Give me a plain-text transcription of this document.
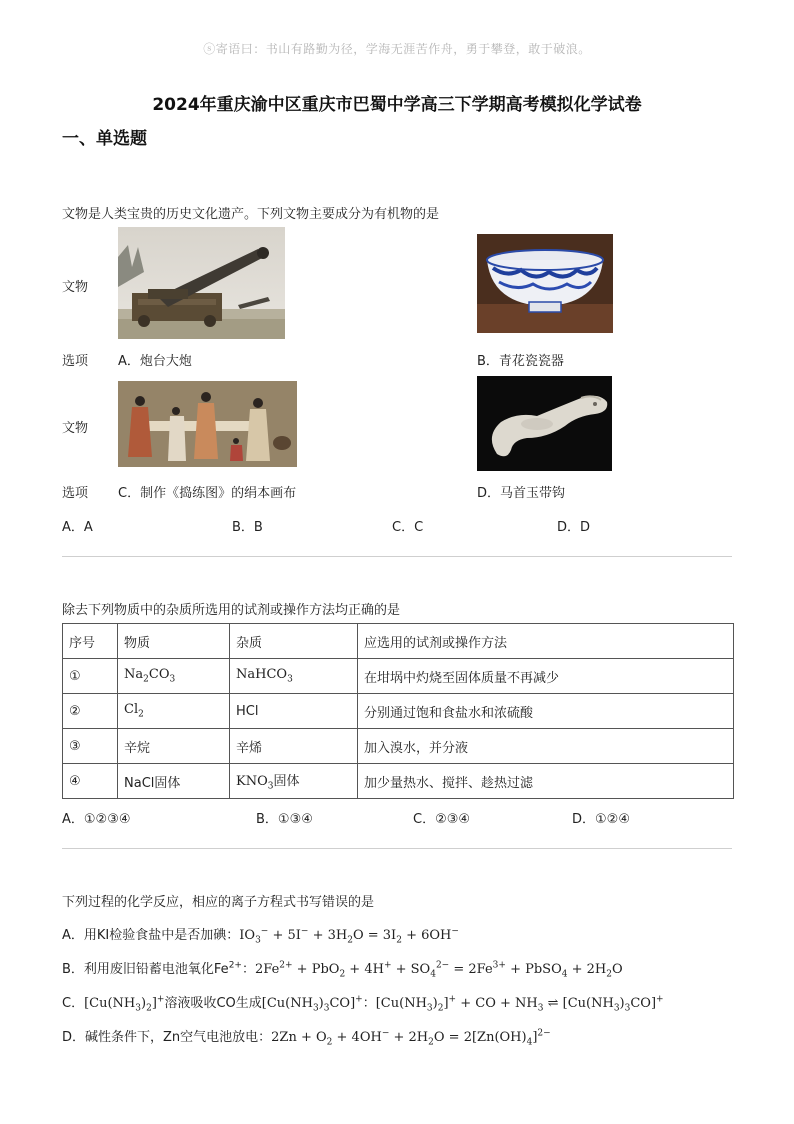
ⓢ寄语曰：书山有路勤为径，学海无涯苦作舟，勇于攀登，敢于破浪。
2024年重庆渝中区重庆市巴蜀中学高三下学期高考模拟化学试卷
一、单选题
文物是人类宝贵的历史文化遗产。下列文物主要成分为有机物的是
文物
选项
文物
选项
A．炮台大炮	B．青花瓷瓷器
C．制作《捣练图》的绢本画布	D．马首玉带钩
A．A	B．B	C．C	D．D
除去下列物质中的杂质所选用的试剂或操作方法均正确的是
序号	物质	杂质	应选用的试剂或操作方法
①	$Na_2CO_3$	NaHCO$_3$	在坩埚中灼烧至固体质量不再减少
②	$Cl_2$	HCl	分别通过饱和食盐水和浓硫酸
③	辛烷	辛烯	加入溴水，并分液
④	NaCl固体	$KNO_3$固体	加少量热水、搅拌、趁热过滤
A．①②③④	B．①③④	C．②③④	D．①②④
下列过程的化学反应，相应的离子方程式书写错误的是
A．用KI检验食盐中是否加碘：$IO_3^- + 5I^- + 3H_2O = 3I_2 + 6OH^-$
B．利用废旧铅蓄电池氧化$Fe^{2+}$：$2Fe^{2+} + PbO_2 + 4H^+ + SO_4^{2-} = 2Fe^{3+}$ + PbSO$_4$ + $2H_2O$
C．$[Cu(NH_3)_2]^+$溶液吸收CO生成$[Cu(NH_3)_3CO]^+$：$[Cu(NH_3)_2]^+$ + CO + $NH_3$ ⇌ $[Cu(NH_3)_3CO]^+$
D．碱性条件下，Zn空气电池放电：$2Zn + O_2 + 4OH^- + 2H_2O = 2[Zn(OH)_4]^{2-}$
